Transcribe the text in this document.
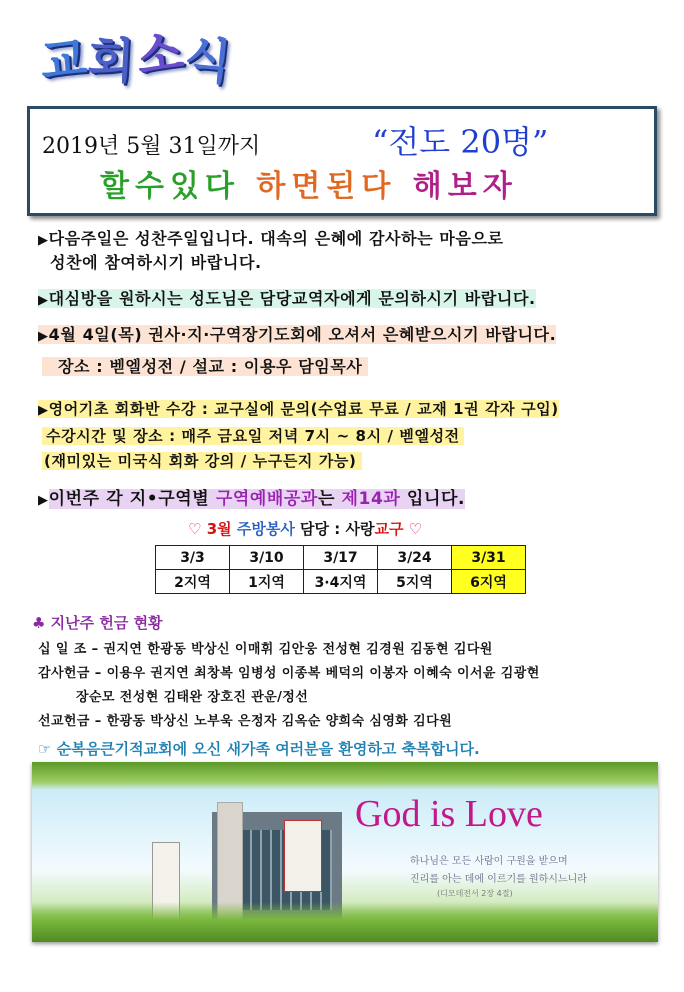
교회소식
2019년 5월 31일까지	“전도 20명”
할수있다 하면된다 해보자
▶다음주일은 성찬주일입니다. 대속의 은혜에 감사하는 마음으로
성찬에 참여하시기 바랍니다.
▶대심방을 원하시는 성도님은 담당교역자에게 문의하시기 바랍니다.
▶4월 4일(목) 권사·지·구역장기도회에 오셔서 은혜받으시기 바랍니다.
장소 : 벧엘성전 / 설교 : 이용우 담임목사
▶영어기초 회화반 수강 : 교구실에 문의(수업료 무료 / 교재 1권 각자 구입)
수강시간 및 장소 : 매주 금요일 저녁 7시 ~ 8시 / 벧엘성전
(재미있는 미국식 회화 강의 / 누구든지 가능)
▶이번주 각 지•구역별 구역예배공과는 제14과 입니다.
♡ 3월 주방봉사 담당 : 사랑교구 ♡
3/3	3/10	3/17	3/24	3/31
2지역	1지역	3·4지역	5지역	6지역
♣ 지난주 헌금 현황
십 일 조 – 권지연 한광동 박상신 이매휘 김안웅 전성현 김경원 김동현 김다원
감사헌금 – 이용우 권지연 최창복 임병성 이종복 베덕의 이봉자 이혜숙 이서윤 김광현
장순모 전성현 김태완 장호진 관운/정선
선교헌금 – 한광동 박상신 노부욱 은정자 김옥순 양희숙 심영화 김다원
☞ 순복음큰기적교회에 오신 새가족 여러분을 환영하고 축복합니다.
God is Love
하나님은 모든 사람이 구원을 받으며
진리를 아는 데에 이르기를 원하시느니라
(디모데전서 2장 4절)
